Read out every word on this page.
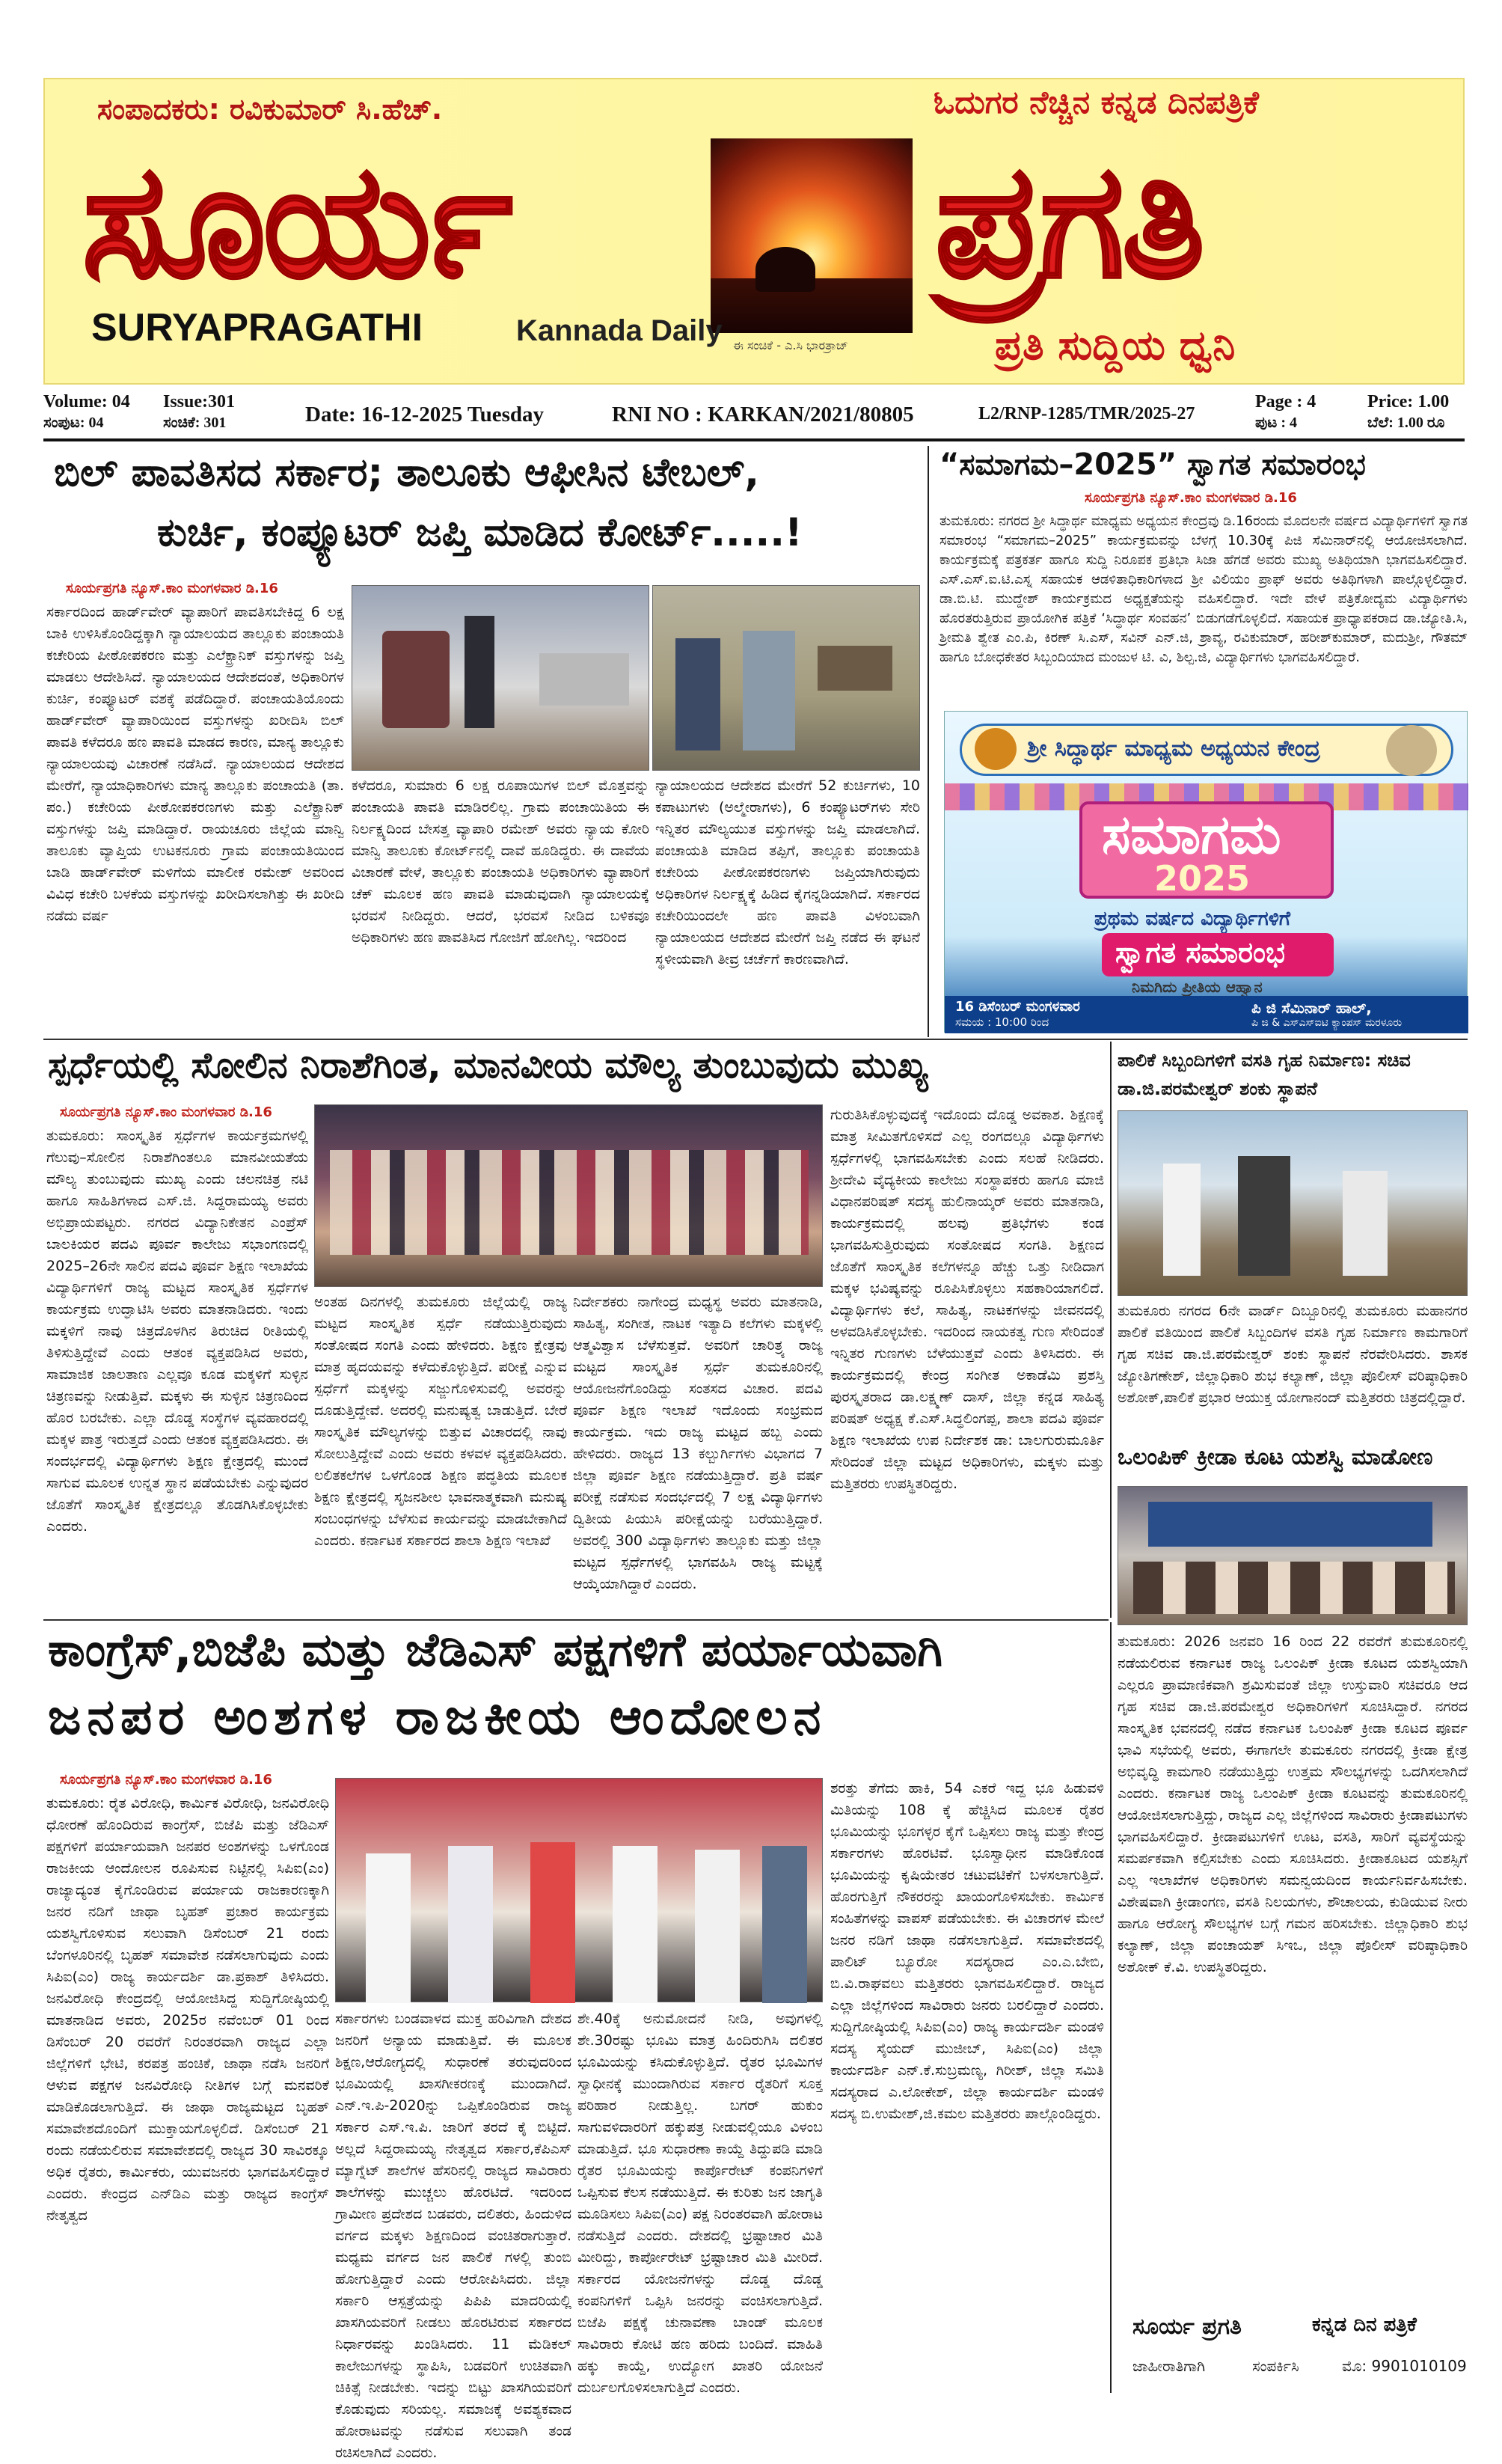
ಸಂಪಾದಕರು: ರವಿಕುಮಾರ್ ಸಿ.ಹೆಚ್.	ಓದುಗರ ನೆಚ್ಚಿನ ಕನ್ನಡ ದಿನಪತ್ರಿಕೆ
ಸೂರ್ಯ	ಪ್ರಗತಿ
SURYAPRAGATHI	Kannada Daily ಈ ಸಂಚಿಕೆ - ಎ.ಸಿ ಭಾರತ್ರಾಜ್	ಪ್ರತಿ ಸುದ್ದಿಯ ಧ್ವನಿ
Volume: 04 Issue:301
ಸಂಪುಟ: 04	ಸಂಚಿಕೆ: 301	Date: 16-12-2025 Tuesday	RNI NO : KARKAN/2021/80805	L2/RNP-1285/TMR/2025-27
Page : 4
ಪುಟ : 4
Price: 1.00
ಬೆಲೆ: 1.00 ರೂ
ಬಿಲ್ ಪಾವತಿಸದ ಸರ್ಕಾರ; ತಾಲೂಕು ಆಫೀಸಿನ ಟೇಬಲ್,
ಕುರ್ಚಿ, ಕಂಪ್ಯೂಟರ್ ಜಪ್ತಿ ಮಾಡಿದ ಕೋರ್ಟ್.....!
ಸೂರ್ಯಪ್ರಗತಿ ನ್ಯೂಸ್.ಕಾಂ ಮಂಗಳವಾರ ಡಿ.16
ಸರ್ಕಾರದಿಂದ ಹಾರ್ಡ್‌ವೇರ್ ವ್ಯಾಪಾರಿಗೆ ಪಾವತಿಸಬೇಕಿದ್ದ 6 ಲಕ್ಷ ಬಾಕಿ ಉಳಿಸಿಕೊಂಡಿದ್ದಕ್ಕಾಗಿ ನ್ಯಾಯಾಲಯದ ತಾಲ್ಲೂಕು ಪಂಚಾಯತಿ ಕಚೇರಿಯ ಪೀಠೋಪಕರಣ ಮತ್ತು ಎಲೆಕ್ಟ್ರಾನಿಕ್ ವಸ್ತುಗಳನ್ನು ಜಪ್ತಿ ಮಾಡಲು ಆದೇಶಿಸಿದೆ. ನ್ಯಾಯಾಲಯದ ಆದೇಶದಂತೆ, ಅಧಿಕಾರಿಗಳ ಕುರ್ಚಿ, ಕಂಪ್ಯೂಟರ್ ವಶಕ್ಕೆ ಪಡೆದಿದ್ದಾರೆ. ಪಂಚಾಯತಿಯೊಂದು ಹಾರ್ಡ್‌ವೇರ್ ವ್ಯಾಪಾರಿಯಿಂದ ವಸ್ತುಗಳನ್ನು ಖರೀದಿಸಿ ಬಿಲ್ ಪಾವತಿ ಕಳೆದರೂ ಹಣ ಪಾವತಿ ಮಾಡದ ಕಾರಣ, ಮಾನ್ಯ ತಾಲ್ಲೂಕು ನ್ಯಾಯಾಲಯವು ವಿಚಾರಣೆ ನಡೆಸಿದೆ. ನ್ಯಾಯಾಲಯದ ಆದೇಶದ ಮೇರೆಗೆ, ನ್ಯಾಯಾಧಿಕಾರಿಗಳು ಮಾನ್ಯ ತಾಲ್ಲೂಕು ಪಂಚಾಯತಿ (ತಾ. ಪಂ.) ಕಚೇರಿಯ ಪೀಠೋಪಕರಣಗಳು ಮತ್ತು ಎಲೆಕ್ಟ್ರಾನಿಕ್ ವಸ್ತುಗಳನ್ನು ಜಪ್ತಿ ಮಾಡಿದ್ದಾರೆ. ರಾಯಚೂರು ಜಿಲ್ಲೆಯ ಮಾನ್ವಿ ತಾಲೂಕು ವ್ಯಾಪ್ತಿಯ ಉಟಕನೂರು ಗ್ರಾಮ ಪಂಚಾಯತಿಯಿಂದ ಬಾಡಿ ಹಾರ್ಡ್‌ವೇರ್ ಮಳಿಗೆಯ ಮಾಲೀಕ ರಮೇಶ್ ಅವರಿಂದ ವಿವಿಧ ಕಚೇರಿ ಬಳಕೆಯ ವಸ್ತುಗಳನ್ನು ಖರೀದಿಸಲಾಗಿತ್ತು ಈ ಖರೀದಿ ನಡೆದು ವರ್ಷ
ಕಳೆದರೂ, ಸುಮಾರು 6 ಲಕ್ಷ ರೂಪಾಯಿಗಳ ಬಿಲ್ ಮೊತ್ತವನ್ನು ಪಂಚಾಯತಿ ಪಾವತಿ ಮಾಡಿರಲಿಲ್ಲ. ಗ್ರಾಮ ಪಂಚಾಯಿತಿಯ ಈ ನಿರ್ಲಕ್ಷ್ಯದಿಂದ ಬೇಸತ್ತ ವ್ಯಾಪಾರಿ ರಮೇಶ್ ಅವರು ನ್ಯಾಯ ಕೋರಿ ಮಾನ್ವಿ ತಾಲೂಕು ಕೋರ್ಟ್‌ನಲ್ಲಿ ದಾವೆ ಹೂಡಿದ್ದರು. ಈ ದಾವೆಯ ವಿಚಾರಣೆ ವೇಳೆ, ತಾಲ್ಲೂಕು ಪಂಚಾಯತಿ ಅಧಿಕಾರಿಗಳು ವ್ಯಾಪಾರಿಗೆ ಚೆಕ್ ಮೂಲಕ ಹಣ ಪಾವತಿ ಮಾಡುವುದಾಗಿ ನ್ಯಾಯಾಲಯಕ್ಕೆ ಭರವಸೆ ನೀಡಿದ್ದರು. ಆದರೆ, ಭರವಸೆ ನೀಡಿದ ಬಳಿಕವೂ ಅಧಿಕಾರಿಗಳು ಹಣ ಪಾವತಿಸಿದ ಗೋಜಿಗೆ ಹೋಗಿಲ್ಲ. ಇದರಿಂದ
ನ್ಯಾಯಾಲಯದ ಆದೇಶದ ಮೇರೆಗೆ 52 ಕುರ್ಚಿಗಳು, 10 ಕಪಾಟುಗಳು (ಅಲ್ಮೇರಾಗಳು), 6 ಕಂಪ್ಯೂಟರ್‌ಗಳು ಸೇರಿ ಇನ್ನಿತರ ಮೌಲ್ಯಯುತ ವಸ್ತುಗಳನ್ನು ಜಪ್ತಿ ಮಾಡಲಾಗಿದೆ. ಪಂಚಾಯತಿ ಮಾಡಿದ ತಪ್ಪಿಗೆ, ತಾಲ್ಲೂಕು ಪಂಚಾಯತಿ ಕಚೇರಿಯ ಪೀಠೋಪಕರಣಗಳು ಜಪ್ತಿಯಾಗಿರುವುದು ಅಧಿಕಾರಿಗಳ ನಿರ್ಲಕ್ಷ್ಯಕ್ಕೆ ಹಿಡಿದ ಕೈಗನ್ನಡಿಯಾಗಿದೆ. ಸರ್ಕಾರದ ಕಚೇರಿಯಿಂದಲೇ ಹಣ ಪಾವತಿ ವಿಳಂಬವಾಗಿ ನ್ಯಾಯಾಲಯದ ಆದೇಶದ ಮೇರೆಗೆ ಜಪ್ತಿ ನಡೆದ ಈ ಘಟನೆ ಸ್ಥಳೀಯವಾಗಿ ತೀವ್ರ ಚರ್ಚೆಗೆ ಕಾರಣವಾಗಿದೆ.
“ಸಮಾಗಮ–2025” ಸ್ವಾಗತ ಸಮಾರಂಭ
ಸೂರ್ಯಪ್ರಗತಿ ನ್ಯೂಸ್.ಕಾಂ ಮಂಗಳವಾರ ಡಿ.16
ತುಮಕೂರು: ನಗರದ ಶ್ರೀ ಸಿದ್ಧಾರ್ಥ ಮಾಧ್ಯಮ ಅಧ್ಯಯನ ಕೇಂದ್ರವು ಡಿ.16ರಂದು ಮೊದಲನೇ ವರ್ಷದ ವಿದ್ಯಾರ್ಥಿಗಳಿಗೆ ಸ್ವಾಗತ ಸಮಾರಂಭ “ಸಮಾಗಮ–2025” ಕಾರ್ಯಕ್ರಮವನ್ನು ಬೆಳಗ್ಗೆ 10.30ಕ್ಕೆ ಪಿಜಿ ಸೆಮಿನಾರ್‌ನಲ್ಲಿ ಆಯೋಜಿಸಲಾಗಿದೆ. ಕಾರ್ಯಕ್ರಮಕ್ಕೆ ಪತ್ರಕರ್ತ ಹಾಗೂ ಸುದ್ದಿ ನಿರೂಪಕ ಪ್ರತಿಭಾ ಸಿಜಾ ಹೆಗಡೆ ಅವರು ಮುಖ್ಯ ಅತಿಥಿಯಾಗಿ ಭಾಗವಹಿಸಲಿದ್ದಾರೆ. ಎಸ್.ಎಸ್.ಐ.ಟಿ.ಎಸ್ನ ಸಹಾಯಕ ಆಡಳಿತಾಧಿಕಾರಿಗಳಾದ ಶ್ರೀ ವಿಲಿಯಂ ಪ್ರಾಫ್ ಅವರು ಅತಿಥಿಗಳಾಗಿ ಪಾಲ್ಗೊಳ್ಳಲಿದ್ದಾರೆ. ಡಾ.ಬಿ.ಟಿ. ಮುದ್ದೇಶ್ ಕಾರ್ಯಕ್ರಮದ ಅಧ್ಯಕ್ಷತೆಯನ್ನು ವಹಿಸಲಿದ್ದಾರೆ. ಇದೇ ವೇಳೆ ಪತ್ರಿಕೋದ್ಯಮ ವಿದ್ಯಾರ್ಥಿಗಳು ಹೊರತರುತ್ತಿರುವ ಪ್ರಾಯೋಗಿಕ ಪತ್ರಿಕೆ ‘ಸಿದ್ಧಾರ್ಥ ಸಂವಹನ’ ಬಿಡುಗಡೆಗೊಳ್ಳಲಿದೆ. ಸಹಾಯಕ ಪ್ರಾಧ್ಯಾಪಕರಾದ ಡಾ.ಜ್ಯೋತಿ.ಸಿ, ಶ್ರೀಮತಿ ಶ್ವೇತ ಎಂ.ಪಿ, ಕಿರಣ್ ಸಿ.ಎಸ್, ಸವಿನ್ ಎನ್.ಜಿ, ಶ್ರಾವ್ಯ, ರವಿಕುಮಾರ್, ಹರೀಶ್‌ಕುಮಾರ್, ಮದುಶ್ರೀ, ಗೌತಮ್ ಹಾಗೂ ಬೋಧಕೇತರ ಸಿಬ್ಬಂದಿಯಾದ ಮಂಜುಳ ಟಿ. ವಿ, ಶಿಲ್ಪ.ಜಿ, ವಿದ್ಯಾರ್ಥಿಗಳು ಭಾಗವಹಿಸಲಿದ್ದಾರೆ.
ಶ್ರೀ ಸಿದ್ಧಾರ್ಥ ಮಾಧ್ಯಮ ಅಧ್ಯಯನ ಕೇಂದ್ರ
ಸಮಾಗಮ
2025
ಪ್ರಥಮ ವರ್ಷದ ವಿದ್ಯಾರ್ಥಿಗಳಿಗೆ
ಸ್ವಾಗತ ಸಮಾರಂಭ
ನಿಮಗಿದು ಪ್ರೀತಿಯ ಆಹ್ವಾನ
16 ಡಿಸೆಂಬರ್ ಮಂಗಳವಾರ
ಸಮಯ : 10:00 ರಿಂದ
ಪಿ ಜಿ ಸೆಮಿನಾರ್ ಹಾಲ್,
ಪಿ ಜಿ & ಎಸ್ಎಸ್ಐಟಿ ಕ್ಯಾಂಪಸ್ ಮರಳೂರು
ಸ್ಪರ್ಧೆಯಲ್ಲಿ ಸೋಲಿನ ನಿರಾಶೆಗಿಂತ, ಮಾನವೀಯ ಮೌಲ್ಯ ತುಂಬುವುದು ಮುಖ್ಯ
ಸೂರ್ಯಪ್ರಗತಿ ನ್ಯೂಸ್.ಕಾಂ ಮಂಗಳವಾರ ಡಿ.16
ತುಮಕೂರು: ಸಾಂಸ್ಕೃತಿಕ ಸ್ಪರ್ಧೆಗಳ ಕಾರ್ಯಕ್ರಮಗಳಲ್ಲಿ ಗೆಲುವು–ಸೋಲಿನ ನಿರಾಶೆಗಿಂತಲೂ ಮಾನವೀಯತೆಯ ಮೌಲ್ಯ ತುಂಬುವುದು ಮುಖ್ಯ ಎಂದು ಚಲನಚಿತ್ರ ನಟಿ ಹಾಗೂ ಸಾಹಿತಿಗಳಾದ ಎಸ್.ಜಿ. ಸಿದ್ದರಾಮಯ್ಯ ಅವರು ಅಭಿಪ್ರಾಯಪಟ್ಟರು. ನಗರದ ವಿದ್ಯಾನಿಕೇತನ ಎಂಪ್ರೆಸ್ ಬಾಲಕಿಯರ ಪದವಿ ಪೂರ್ವ ಕಾಲೇಜು ಸಭಾಂಗಣದಲ್ಲಿ 2025–26ನೇ ಸಾಲಿನ ಪದವಿ ಪೂರ್ವ ಶಿಕ್ಷಣ ಇಲಾಖೆಯ ವಿದ್ಯಾರ್ಥಿಗಳಿಗೆ ರಾಜ್ಯ ಮಟ್ಟದ ಸಾಂಸ್ಕೃತಿಕ ಸ್ಪರ್ಧೆಗಳ ಕಾರ್ಯಕ್ರಮ ಉದ್ಘಾಟಿಸಿ ಅವರು ಮಾತನಾಡಿದರು. ಇಂದು ಮಕ್ಕಳಿಗೆ ನಾವು ಚಿತ್ರದೊಳಗಿನ ತಿರುಚಿದ ರೀತಿಯಲ್ಲಿ ತಿಳಿಸುತ್ತಿದ್ದೇವೆ ಎಂದು ಆತಂಕ ವ್ಯಕ್ತಪಡಿಸಿದ ಅವರು, ಸಾಮಾಜಿಕ ಜಾಲತಾಣ ಎಲ್ಲವೂ ಕೂಡ ಮಕ್ಕಳಿಗೆ ಸುಳ್ಳಿನ ಚಿತ್ರಣವನ್ನು ನೀಡುತ್ತಿವೆ. ಮಕ್ಕಳು ಈ ಸುಳ್ಳಿನ ಚಿತ್ರಣದಿಂದ ಹೊರ ಬರಬೇಕು. ಎಲ್ಲಾ ದೊಡ್ಡ ಸಂಸ್ಥೆಗಳ ವ್ಯವಹಾರದಲ್ಲಿ ಮಕ್ಕಳ ಪಾತ್ರ ಇರುತ್ತದೆ ಎಂದು ಆತಂಕ ವ್ಯಕ್ತಪಡಿಸಿದರು. ಈ ಸಂದರ್ಭದಲ್ಲಿ ವಿದ್ಯಾರ್ಥಿಗಳು ಶಿಕ್ಷಣ ಕ್ಷೇತ್ರದಲ್ಲಿ ಮುಂದೆ ಸಾಗುವ ಮೂಲಕ ಉನ್ನತ ಸ್ಥಾನ ಪಡೆಯಬೇಕು ಎನ್ನುವುದರ ಜೊತೆಗೆ ಸಾಂಸ್ಕೃತಿಕ ಕ್ಷೇತ್ರದಲ್ಲೂ ತೊಡಗಿಸಿಕೊಳ್ಳಬೇಕು ಎಂದರು.
ಅಂತಹ ದಿನಗಳಲ್ಲಿ ತುಮಕೂರು ಜಿಲ್ಲೆಯಲ್ಲಿ ರಾಜ್ಯ ಮಟ್ಟದ ಸಾಂಸ್ಕೃತಿಕ ಸ್ಪರ್ಧೆ ನಡೆಯುತ್ತಿರುವುದು ಸಂತೋಷದ ಸಂಗತಿ ಎಂದು ಹೇಳಿದರು. ಶಿಕ್ಷಣ ಕ್ಷೇತ್ರವು ಮಾತ್ರ ಹೃದಯವನ್ನು ಕಳೆದುಕೊಳ್ಳುತ್ತಿದೆ. ಪರೀಕ್ಷೆ ಎನ್ನುವ ಸ್ಪರ್ಧೆಗೆ ಮಕ್ಕಳನ್ನು ಸಜ್ಜುಗೊಳಿಸುವಲ್ಲಿ ಅವರನ್ನು ದೂಡುತ್ತಿದ್ದೇವೆ. ಅದರಲ್ಲಿ ಮನುಷ್ಯತ್ವ ಬಾಡುತ್ತಿದೆ. ಬೇರೆ ಸಾಂಸ್ಕೃತಿಕ ಮೌಲ್ಯಗಳನ್ನು ಬಿತ್ತುವ ವಿಚಾರದಲ್ಲಿ ನಾವು ಸೋಲುತ್ತಿದ್ದೇವೆ ಎಂದು ಅವರು ಕಳವಳ ವ್ಯಕ್ತಪಡಿಸಿದರು. ಲಲಿತಕಲೆಗಳ ಒಳಗೊಂಡ ಶಿಕ್ಷಣ ಪದ್ಧತಿಯ ಮೂಲಕ ಶಿಕ್ಷಣ ಕ್ಷೇತ್ರದಲ್ಲಿ ಸೃಜನಶೀಲ ಭಾವನಾತ್ಮಕವಾಗಿ ಮನುಷ್ಯ ಸಂಬಂಧಗಳನ್ನು ಬೆಳೆಸುವ ಕಾರ್ಯವನ್ನು ಮಾಡಬೇಕಾಗಿದೆ ಎಂದರು. ಕರ್ನಾಟಕ ಸರ್ಕಾರದ ಶಾಲಾ ಶಿಕ್ಷಣ ಇಲಾಖೆ
ನಿರ್ದೇಶಕರು ನಾಗೇಂದ್ರ ಮಧ್ಯಸ್ಥ ಅವರು ಮಾತನಾಡಿ, ಸಾಹಿತ್ಯ, ಸಂಗೀತ, ನಾಟಕ ಇತ್ಯಾದಿ ಕಲೆಗಳು ಮಕ್ಕಳಲ್ಲಿ ಆತ್ಮವಿಶ್ವಾಸ ಬೆಳೆಸುತ್ತವೆ. ಅವರಿಗೆ ಚಾರಿತ್ರ್ಯ ರಾಜ್ಯ ಮಟ್ಟದ ಸಾಂಸ್ಕೃತಿಕ ಸ್ಪರ್ಧೆ ತುಮಕೂರಿನಲ್ಲಿ ಆಯೋಜನೆಗೊಂಡಿದ್ದು ಸಂತಸದ ವಿಚಾರ. ಪದವಿ ಪೂರ್ವ ಶಿಕ್ಷಣ ಇಲಾಖೆ ಇದೊಂದು ಸಂಭ್ರಮದ ಕಾರ್ಯಕ್ರಮ. ಇದು ರಾಜ್ಯ ಮಟ್ಟದ ಹಬ್ಬ ಎಂದು ಹೇಳಿದರು. ರಾಜ್ಯದ 13 ಕಲ್ಬುರ್ಗಿಗಳು ವಿಭಾಗದ 7 ಜಿಲ್ಲಾ ಪೂರ್ವ ಶಿಕ್ಷಣ ನಡೆಯುತ್ತಿದ್ದಾರೆ. ಪ್ರತಿ ವರ್ಷ ಪರೀಕ್ಷೆ ನಡೆಸುವ ಸಂದರ್ಭದಲ್ಲಿ 7 ಲಕ್ಷ ವಿದ್ಯಾರ್ಥಿಗಳು ದ್ವಿತೀಯ ಪಿಯುಸಿ ಪರೀಕ್ಷೆಯನ್ನು ಬರೆಯುತ್ತಿದ್ದಾರೆ. ಅವರಲ್ಲಿ 300 ವಿದ್ಯಾರ್ಥಿಗಳು ತಾಲ್ಲೂಕು ಮತ್ತು ಜಿಲ್ಲಾ ಮಟ್ಟದ ಸ್ಪರ್ಧೆಗಳಲ್ಲಿ ಭಾಗವಹಿಸಿ ರಾಜ್ಯ ಮಟ್ಟಕ್ಕೆ ಆಯ್ಕೆಯಾಗಿದ್ದಾರೆ ಎಂದರು.
ಗುರುತಿಸಿಕೊಳ್ಳುವುದಕ್ಕೆ ಇದೊಂದು ದೊಡ್ಡ ಅವಕಾಶ. ಶಿಕ್ಷಣಕ್ಕೆ ಮಾತ್ರ ಸೀಮಿತಗೊಳಿಸದೆ ಎಲ್ಲ ರಂಗದಲ್ಲೂ ವಿದ್ಯಾರ್ಥಿಗಳು ಸ್ಪರ್ಧೆಗಳಲ್ಲಿ ಭಾಗವಹಿಸಬೇಕು ಎಂದು ಸಲಹೆ ನೀಡಿದರು. ಶ್ರೀದೇವಿ ವೈದ್ಯಕೀಯ ಕಾಲೇಜು ಸಂಸ್ಥಾಪಕರು ಹಾಗೂ ಮಾಜಿ ವಿಧಾನಪರಿಷತ್ ಸದಸ್ಯ ಹುಲಿನಾಯ್ಕರ್ ಅವರು ಮಾತನಾಡಿ, ಕಾರ್ಯಕ್ರಮದಲ್ಲಿ ಹಲವು ಪ್ರತಿಭೆಗಳು ಕಂಡ ಭಾಗವಹಿಸುತ್ತಿರುವುದು ಸಂತೋಷದ ಸಂಗತಿ. ಶಿಕ್ಷಣದ ಜೊತೆಗೆ ಸಾಂಸ್ಕೃತಿಕ ಕಲೆಗಳನ್ನೂ ಹೆಚ್ಚು ಒತ್ತು ನೀಡಿದಾಗ ಮಕ್ಕಳ ಭವಿಷ್ಯವನ್ನು ರೂಪಿಸಿಕೊಳ್ಳಲು ಸಹಕಾರಿಯಾಗಲಿದೆ. ವಿದ್ಯಾರ್ಥಿಗಳು ಕಲೆ, ಸಾಹಿತ್ಯ, ನಾಟಕಗಳನ್ನು ಜೀವನದಲ್ಲಿ ಅಳವಡಿಸಿಕೊಳ್ಳಬೇಕು. ಇದರಿಂದ ನಾಯಕತ್ವ ಗುಣ ಸೇರಿದಂತೆ ಇನ್ನಿತರ ಗುಣಗಳು ಬೆಳೆಯುತ್ತವೆ ಎಂದು ತಿಳಿಸಿದರು. ಈ ಕಾರ್ಯಕ್ರಮದಲ್ಲಿ ಕೇಂದ್ರ ಸಂಗೀತ ಅಕಾಡೆಮಿ ಪ್ರಶಸ್ತಿ ಪುರಸ್ಕೃತರಾದ ಡಾ.ಲಕ್ಷ್ಮಣ್ ದಾಸ್, ಜಿಲ್ಲಾ ಕನ್ನಡ ಸಾಹಿತ್ಯ ಪರಿಷತ್ ಅಧ್ಯಕ್ಷ ಕೆ.ಎಸ್.ಸಿದ್ಧಲಿಂಗಪ್ಪ, ಶಾಲಾ ಪದವಿ ಪೂರ್ವ ಶಿಕ್ಷಣ ಇಲಾಖೆಯ ಉಪ ನಿರ್ದೇಶಕ ಡಾ: ಬಾಲಗುರುಮೂರ್ತಿ ಸೇರಿದಂತೆ ಜಿಲ್ಲಾ ಮಟ್ಟದ ಅಧಿಕಾರಿಗಳು, ಮಕ್ಕಳು ಮತ್ತು ಮತ್ತಿತರರು ಉಪಸ್ಥಿತರಿದ್ದರು.
ಪಾಲಿಕೆ ಸಿಬ್ಬಂದಿಗಳಿಗೆ ವಸತಿ ಗೃಹ ನಿರ್ಮಾಣ: ಸಚಿವ ಡಾ.ಜಿ.ಪರಮೇಶ್ವರ್ ಶಂಕು ಸ್ಥಾಪನೆ
ತುಮಕೂರು ನಗರದ 6ನೇ ವಾರ್ಡ್ ದಿಬ್ಬೂರಿನಲ್ಲಿ ತುಮಕೂರು ಮಹಾನಗರ ಪಾಲಿಕೆ ವತಿಯಿಂದ ಪಾಲಿಕೆ ಸಿಬ್ಬಂದಿಗಳ ವಸತಿ ಗೃಹ ನಿರ್ಮಾಣ ಕಾಮಗಾರಿಗೆ ಗೃಹ ಸಚಿವ ಡಾ.ಜಿ.ಪರಮೇಶ್ವರ್ ಶಂಕು ಸ್ಥಾಪನೆ ನೆರವೇರಿಸಿದರು. ಶಾಸಕ ಜ್ಯೋತಿಗಣೇಶ್, ಜಿಲ್ಲಾಧಿಕಾರಿ ಶುಭ ಕಲ್ಯಾಣ್, ಜಿಲ್ಲಾ ಪೊಲೀಸ್ ವರಿಷ್ಠಾಧಿಕಾರಿ ಅಶೋಕ್,ಪಾಲಿಕೆ ಪ್ರಭಾರ ಆಯುಕ್ತ ಯೋಗಾನಂದ್ ಮತ್ತಿತರರು ಚಿತ್ರದಲ್ಲಿದ್ದಾರೆ.
ಒಲಂಪಿಕ್ ಕ್ರೀಡಾ ಕೂಟ ಯಶಸ್ವಿ ಮಾಡೋಣ
ತುಮಕೂರು: 2026 ಜನವರಿ 16 ರಿಂದ 22 ರವರೆಗೆ ತುಮಕೂರಿನಲ್ಲಿ ನಡೆಯಲಿರುವ ಕರ್ನಾಟಕ ರಾಜ್ಯ ಒಲಂಪಿಕ್ ಕ್ರೀಡಾ ಕೂಟದ ಯಶಸ್ವಿಯಾಗಿ ಎಲ್ಲರೂ ಪ್ರಾಮಾಣಿಕವಾಗಿ ಶ್ರಮಿಸುವಂತೆ ಜಿಲ್ಲಾ ಉಸ್ತುವಾರಿ ಸಚಿವರೂ ಆದ ಗೃಹ ಸಚಿವ ಡಾ.ಜಿ.ಪರಮೇಶ್ವರ ಅಧಿಕಾರಿಗಳಿಗೆ ಸೂಚಿಸಿದ್ದಾರೆ. ನಗರದ ಸಾಂಸ್ಕೃತಿಕ ಭವನದಲ್ಲಿ ನಡೆದ ಕರ್ನಾಟಕ ಒಲಂಪಿಕ್ ಕ್ರೀಡಾ ಕೂಟದ ಪೂರ್ವ ಭಾವಿ ಸಭೆಯಲ್ಲಿ ಅವರು, ಈಗಾಗಲೇ ತುಮಕೂರು ನಗರದಲ್ಲಿ ಕ್ರೀಡಾ ಕ್ಷೇತ್ರ ಅಭಿವೃದ್ಧಿ ಕಾಮಗಾರಿ ನಡೆಯುತ್ತಿದ್ದು ಉತ್ತಮ ಸೌಲಭ್ಯಗಳನ್ನು ಒದಗಿಸಲಾಗಿದೆ ಎಂದರು. ಕರ್ನಾಟಕ ರಾಜ್ಯ ಒಲಂಪಿಕ್ ಕ್ರೀಡಾ ಕೂಟವನ್ನು ತುಮಕೂರಿನಲ್ಲಿ ಆಯೋಜಿಸಲಾಗುತ್ತಿದ್ದು, ರಾಜ್ಯದ ಎಲ್ಲ ಜಿಲ್ಲೆಗಳಿಂದ ಸಾವಿರಾರು ಕ್ರೀಡಾಪಟುಗಳು ಭಾಗವಹಿಸಲಿದ್ದಾರೆ. ಕ್ರೀಡಾಪಟುಗಳಿಗೆ ಊಟ, ವಸತಿ, ಸಾರಿಗೆ ವ್ಯವಸ್ಥೆಯನ್ನು ಸಮರ್ಪಕವಾಗಿ ಕಲ್ಪಿಸಬೇಕು ಎಂದು ಸೂಚಿಸಿದರು. ಕ್ರೀಡಾಕೂಟದ ಯಶಸ್ಸಿಗೆ ಎಲ್ಲ ಇಲಾಖೆಗಳ ಅಧಿಕಾರಿಗಳು ಸಮನ್ವಯದಿಂದ ಕಾರ್ಯನಿರ್ವಹಿಸಬೇಕು. ವಿಶೇಷವಾಗಿ ಕ್ರೀಡಾಂಗಣ, ವಸತಿ ನಿಲಯಗಳು, ಶೌಚಾಲಯ, ಕುಡಿಯುವ ನೀರು ಹಾಗೂ ಆರೋಗ್ಯ ಸೌಲಭ್ಯಗಳ ಬಗ್ಗೆ ಗಮನ ಹರಿಸಬೇಕು. ಜಿಲ್ಲಾಧಿಕಾರಿ ಶುಭ ಕಲ್ಯಾಣ್, ಜಿಲ್ಲಾ ಪಂಚಾಯತ್ ಸಿಇಒ, ಜಿಲ್ಲಾ ಪೊಲೀಸ್ ವರಿಷ್ಠಾಧಿಕಾರಿ ಅಶೋಕ್ ಕೆ.ವಿ. ಉಪಸ್ಥಿತರಿದ್ದರು.
ಕಾಂಗ್ರೆಸ್,ಬಿಜೆಪಿ ಮತ್ತು ಜೆಡಿಎಸ್ ಪಕ್ಷಗಳಿಗೆ ಪರ್ಯಾಯವಾಗಿ
ಜನಪರ ಅಂಶಗಳ ರಾಜಕೀಯ ಆಂದೋಲನ
ಸೂರ್ಯಪ್ರಗತಿ ನ್ಯೂಸ್.ಕಾಂ ಮಂಗಳವಾರ ಡಿ.16
ತುಮಕೂರು: ರೈತ ವಿರೋಧಿ, ಕಾರ್ಮಿಕ ವಿರೋಧಿ, ಜನವಿರೋಧಿ ಧೋರಣೆ ಹೊಂದಿರುವ ಕಾಂಗ್ರೆಸ್, ಬಿಜೆಪಿ ಮತ್ತು ಜೆಡಿಎಸ್ ಪಕ್ಷಗಳಿಗೆ ಪರ್ಯಾಯವಾಗಿ ಜನಪರ ಅಂಶಗಳನ್ನು ಒಳಗೊಂಡ ರಾಜಕೀಯ ಆಂದೋಲನ ರೂಪಿಸುವ ನಿಟ್ಟಿನಲ್ಲಿ ಸಿಪಿಐ(ಎಂ) ರಾಜ್ಯಾದ್ಯಂತ ಕೈಗೊಂಡಿರುವ ಪರ್ಯಾಯ ರಾಜಕಾರಣಕ್ಕಾಗಿ ಜನರ ನಡಿಗೆ ಜಾಥಾ ಬೃಹತ್ ಪ್ರಚಾರ ಕಾರ್ಯಕ್ರಮ ಯಶಸ್ವಿಗೊಳಿಸುವ ಸಲುವಾಗಿ ಡಿಸೆಂಬರ್ 21 ರಂದು ಬೆಂಗಳೂರಿನಲ್ಲಿ ಬೃಹತ್ ಸಮಾವೇಶ ನಡೆಸಲಾಗುವುದು ಎಂದು ಸಿಪಿಐ(ಎಂ) ರಾಜ್ಯ ಕಾರ್ಯದರ್ಶಿ ಡಾ.ಪ್ರಕಾಶ್ ತಿಳಿಸಿದರು. ಜನವಿರೋಧಿ ಕೇಂದ್ರದಲ್ಲಿ ಆಯೋಜಿಸಿದ್ದ ಸುದ್ದಿಗೋಷ್ಠಿಯಲ್ಲಿ ಮಾತನಾಡಿದ ಅವರು, 2025ರ ನವೆಂಬರ್ 01 ರಿಂದ ಡಿಸೆಂಬರ್ 20 ರವರೆಗೆ ನಿರಂತರವಾಗಿ ರಾಜ್ಯದ ಎಲ್ಲಾ ಜಿಲ್ಲೆಗಳಿಗೆ ಭೇಟಿ, ಕರಪತ್ರ ಹಂಚಿಕೆ, ಜಾಥಾ ನಡೆಸಿ ಜನರಿಗೆ ಆಳುವ ಪಕ್ಷಗಳ ಜನವಿರೋಧಿ ನೀತಿಗಳ ಬಗ್ಗೆ ಮನವರಿಕೆ ಮಾಡಿಕೊಡಲಾಗುತ್ತಿದೆ. ಈ ಜಾಥಾ ರಾಜ್ಯಮಟ್ಟದ ಬೃಹತ್ ಸಮಾವೇಶದೊಂದಿಗೆ ಮುಕ್ತಾಯಗೊಳ್ಳಲಿದೆ. ಡಿಸೆಂಬರ್ 21 ರಂದು ನಡೆಯಲಿರುವ ಸಮಾವೇಶದಲ್ಲಿ ರಾಜ್ಯದ 30 ಸಾವಿರಕ್ಕೂ ಅಧಿಕ ರೈತರು, ಕಾರ್ಮಿಕರು, ಯುವಜನರು ಭಾಗವಹಿಸಲಿದ್ದಾರೆ ಎಂದರು. ಕೇಂದ್ರದ ಎನ್‌ಡಿಎ ಮತ್ತು ರಾಜ್ಯದ ಕಾಂಗ್ರೆಸ್ ನೇತೃತ್ವದ
ಸರ್ಕಾರಗಳು ಬಂಡವಾಳದ ಮುಕ್ತ ಹರಿವಿಗಾಗಿ ದೇಶದ ಜನರಿಗೆ ಅನ್ಯಾಯ ಮಾಡುತ್ತಿವೆ. ಈ ಮೂಲಕ ಶಿಕ್ಷಣ,ಆರೋಗ್ಯದಲ್ಲಿ ಸುಧಾರಣೆ ತರುವುದರಿಂದ ಭೂಮಿಯಲ್ಲಿ ಖಾಸಗೀಕರಣಕ್ಕೆ ಮುಂದಾಗಿದೆ. ಎನ್.ಇ.ಪಿ-2020ನ್ನು ಒಪ್ಪಿಕೊಂಡಿರುವ ರಾಜ್ಯ ಸರ್ಕಾರ ಎಸ್.ಇ.ಪಿ. ಜಾರಿಗೆ ತರದೆ ಕೈ ಬಿಟ್ಟಿದೆ. ಅಲ್ಲದೆ ಸಿದ್ದರಾಮಯ್ಯ ನೇತೃತ್ವದ ಸರ್ಕಾರ,ಕೆಪಿಎಸ್ ಮ್ಯಾಗ್ನೆಟ್ ಶಾಲೆಗಳ ಹೆಸರಿನಲ್ಲಿ ರಾಜ್ಯದ ಸಾವಿರಾರು ಶಾಲೆಗಳನ್ನು ಮುಚ್ಚಲು ಹೊರಟಿದೆ. ಇದರಿಂದ ಗ್ರಾಮೀಣ ಪ್ರದೇಶದ ಬಡವರು, ದಲಿತರು, ಹಿಂದುಳಿದ ವರ್ಗದ ಮಕ್ಕಳು ಶಿಕ್ಷಣದಿಂದ ವಂಚಿತರಾಗುತ್ತಾರೆ. ಮಧ್ಯಮ ವರ್ಗದ ಜನ ಪಾಲಿಕೆ ಗಳಲ್ಲಿ ತುಂಬಿ ಹೋಗುತ್ತಿದ್ದಾರೆ ಎಂದು ಆರೋಪಿಸಿದರು. ಜಿಲ್ಲಾ ಸರ್ಕಾರಿ ಆಸ್ಪತ್ರೆಯನ್ನು ಪಿಪಿಪಿ ಮಾದರಿಯಲ್ಲಿ ಖಾಸಗಿಯವರಿಗೆ ನೀಡಲು ಹೊರಟಿರುವ ಸರ್ಕಾರದ ನಿರ್ಧಾರವನ್ನು ಖಂಡಿಸಿದರು. 11 ಮೆಡಿಕಲ್ ಕಾಲೇಜುಗಳನ್ನು ಸ್ಥಾಪಿಸಿ, ಬಡವರಿಗೆ ಉಚಿತವಾಗಿ ಚಿಕಿತ್ಸೆ ನೀಡಬೇಕು. ಇದನ್ನು ಬಿಟ್ಟು ಖಾಸಗಿಯವರಿಗೆ ಕೊಡುವುದು ಸರಿಯಲ್ಲ. ಸಮಾಜಕ್ಕೆ ಅವಶ್ಯಕವಾದ ಹೋರಾಟವನ್ನು ನಡೆಸುವ ಸಲುವಾಗಿ ತಂಡ ರಚಿಸಲಾಗಿದೆ ಎಂದರು.
ಶೇ.40ಕ್ಕೆ ಅನುಮೋದನೆ ನೀಡಿ, ಅವುಗಳಲ್ಲಿ ಶೇ.30ರಷ್ಟು ಭೂಮಿ ಮಾತ್ರ ಹಿಂದಿರುಗಿಸಿ ದಲಿತರ ಭೂಮಿಯನ್ನು ಕಸಿದುಕೊಳ್ಳುತ್ತಿದೆ. ರೈತರ ಭೂಮಿಗಳ ಸ್ವಾಧೀನಕ್ಕೆ ಮುಂದಾಗಿರುವ ಸರ್ಕಾರ ರೈತರಿಗೆ ಸೂಕ್ತ ಪರಿಹಾರ ನೀಡುತ್ತಿಲ್ಲ. ಬಗರ್ ಹುಕುಂ ಸಾಗುವಳಿದಾರರಿಗೆ ಹಕ್ಕುಪತ್ರ ನೀಡುವಲ್ಲಿಯೂ ವಿಳಂಬ ಮಾಡುತ್ತಿದೆ. ಭೂ ಸುಧಾರಣಾ ಕಾಯ್ದೆ ತಿದ್ದುಪಡಿ ಮಾಡಿ ರೈತರ ಭೂಮಿಯನ್ನು ಕಾರ್ಪೊರೇಟ್ ಕಂಪನಿಗಳಿಗೆ ಒಪ್ಪಿಸುವ ಕೆಲಸ ನಡೆಯುತ್ತಿದೆ. ಈ ಕುರಿತು ಜನ ಜಾಗೃತಿ ಮೂಡಿಸಲು ಸಿಪಿಐ(ಎಂ) ಪಕ್ಷ ನಿರಂತರವಾಗಿ ಹೋರಾಟ ನಡೆಸುತ್ತಿದೆ ಎಂದರು. ದೇಶದಲ್ಲಿ ಭ್ರಷ್ಟಾಚಾರ ಮಿತಿ ಮೀರಿದ್ದು, ಕಾರ್ಪೋರೇಟ್ ಭ್ರಷ್ಟಾಚಾರ ಮಿತಿ ಮೀರಿದೆ. ಸರ್ಕಾರದ ಯೋಜನೆಗಳನ್ನು ದೊಡ್ಡ ದೊಡ್ಡ ಕಂಪನಿಗಳಿಗೆ ಒಪ್ಪಿಸಿ ಜನರನ್ನು ವಂಚಿಸಲಾಗುತ್ತಿದೆ. ಬಿಜೆಪಿ ಪಕ್ಷಕ್ಕೆ ಚುನಾವಣಾ ಬಾಂಡ್ ಮೂಲಕ ಸಾವಿರಾರು ಕೋಟಿ ಹಣ ಹರಿದು ಬಂದಿದೆ. ಮಾಹಿತಿ ಹಕ್ಕು ಕಾಯ್ದೆ, ಉದ್ಯೋಗ ಖಾತರಿ ಯೋಜನೆ ದುರ್ಬಲಗೊಳಿಸಲಾಗುತ್ತಿದೆ ಎಂದರು.
ಶರತ್ತು ತೆಗೆದು ಹಾಕಿ, 54 ಎಕರೆ ಇದ್ದ ಭೂ ಹಿಡುವಳಿ ಮಿತಿಯನ್ನು 108 ಕ್ಕೆ ಹೆಚ್ಚಿಸಿದ ಮೂಲಕ ರೈತರ ಭೂಮಿಯನ್ನು ಭೂಗಳ್ಳರ ಕೈಗೆ ಒಪ್ಪಿಸಲು ರಾಜ್ಯ ಮತ್ತು ಕೇಂದ್ರ ಸರ್ಕಾರಗಳು ಹೊರಟಿವೆ. ಭೂಸ್ವಾಧೀನ ಮಾಡಿಕೊಂಡ ಭೂಮಿಯನ್ನು ಕೃಷಿಯೇತರ ಚಟುವಟಿಕೆಗೆ ಬಳಸಲಾಗುತ್ತಿದೆ. ಹೊರಗುತ್ತಿಗೆ ನೌಕರರನ್ನು ಖಾಯಂಗೊಳಿಸಬೇಕು. ಕಾರ್ಮಿಕ ಸಂಹಿತೆಗಳನ್ನು ವಾಪಸ್ ಪಡೆಯಬೇಕು. ಈ ವಿಚಾರಗಳ ಮೇಲೆ ಜನರ ನಡಿಗೆ ಜಾಥಾ ನಡೆಸಲಾಗುತ್ತಿದೆ. ಸಮಾವೇಶದಲ್ಲಿ ಪಾಲಿಟ್ ಬ್ಯೂರೋ ಸದಸ್ಯರಾದ ಎಂ.ಎ.ಬೇಬಿ, ಬಿ.ವಿ.ರಾಘವಲು ಮತ್ತಿತರರು ಭಾಗವಹಿಸಲಿದ್ದಾರೆ. ರಾಜ್ಯದ ಎಲ್ಲಾ ಜಿಲ್ಲೆಗಳಿಂದ ಸಾವಿರಾರು ಜನರು ಬರಲಿದ್ದಾರೆ ಎಂದರು. ಸುದ್ದಿಗೋಷ್ಠಿಯಲ್ಲಿ ಸಿಪಿಐ(ಎಂ) ರಾಜ್ಯ ಕಾರ್ಯದರ್ಶಿ ಮಂಡಳಿ ಸದಸ್ಯ ಸೈಯದ್ ಮುಜೀಬ್, ಸಿಪಿಐ(ಎಂ) ಜಿಲ್ಲಾ ಕಾರ್ಯದರ್ಶಿ ಎನ್.ಕೆ.ಸುಬ್ರಮಣ್ಯ, ಗಿರೀಶ್, ಜಿಲ್ಲಾ ಸಮಿತಿ ಸದಸ್ಯರಾದ ಎ.ಲೋಕೇಶ್, ಜಿಲ್ಲಾ ಕಾರ್ಯದರ್ಶಿ ಮಂಡಳಿ ಸದಸ್ಯ ಬಿ.ಉಮೇಶ್,ಜಿ.ಕಮಲ ಮತ್ತಿತರರು ಪಾಲ್ಗೊಂಡಿದ್ದರು.
ಸೂರ್ಯ ಪ್ರಗತಿ	ಕನ್ನಡ ದಿನ ಪತ್ರಿಕೆ
ಜಾಹೀರಾತಿಗಾಗಿ	ಸಂಪರ್ಕಿಸಿ	ಮೊ: 9901010109
